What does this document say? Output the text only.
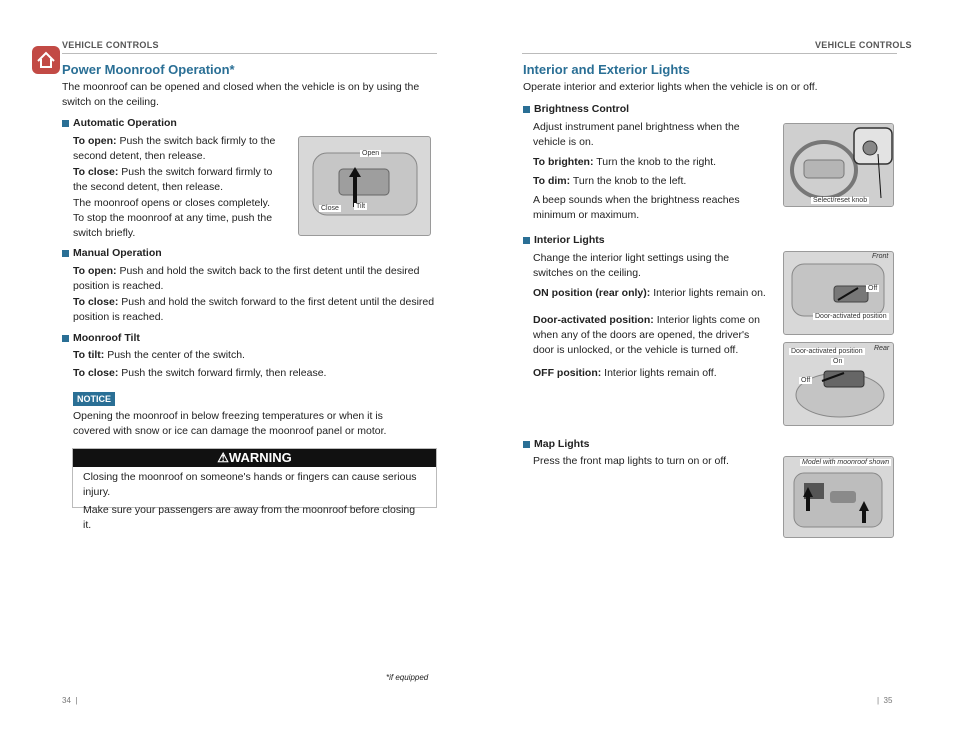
VEHICLE CONTROLS
Power Moonroof Operation*
The moonroof can be opened and closed when the vehicle is on by using the switch on the ceiling.
Automatic Operation
To open: Push the switch back firmly to the second detent, then release.
To close: Push the switch forward firmly to the second detent, then release.
The moonroof opens or closes completely. To stop the moonroof at any time, push the switch briefly.
Open
Close Tilt
Manual Operation
To open: Push and hold the switch back to the first detent until the desired position is reached.
To close: Push and hold the switch forward to the first detent until the desired position is reached.
Moonroof Tilt
To tilt: Push the center of the switch.
To close: Push the switch forward firmly, then release.
NOTICE
Opening the moonroof in below freezing temperatures or when it is covered with snow or ice can damage the moonroof panel or motor.
⚠WARNING
Closing the moonroof on someone's hands or fingers can cause serious injury.
Make sure your passengers are away from the moonroof before closing it.
*if equipped
34  |
VEHICLE CONTROLS
Interior and Exterior Lights
Operate interior and exterior lights when the vehicle is on or off.
Brightness Control
Adjust instrument panel brightness when the vehicle is on.
To brighten: Turn the knob to the right.
To dim: Turn the knob to the left.
A beep sounds when the brightness reaches minimum or maximum.
Select/reset knob
Interior Lights
Change the interior light settings using the switches on the ceiling.
ON position (rear only): Interior lights remain on.
Door-activated position: Interior lights come on when any of the doors are opened, the driver's door is unlocked, or the vehicle is turned off.
OFF position: Interior lights remain off.
Front
Off
Door-activated position
Rear
Door-activated position
On
Off
Map Lights
Press the front map lights to turn on or off.	Model with moonroof shown
|  35
